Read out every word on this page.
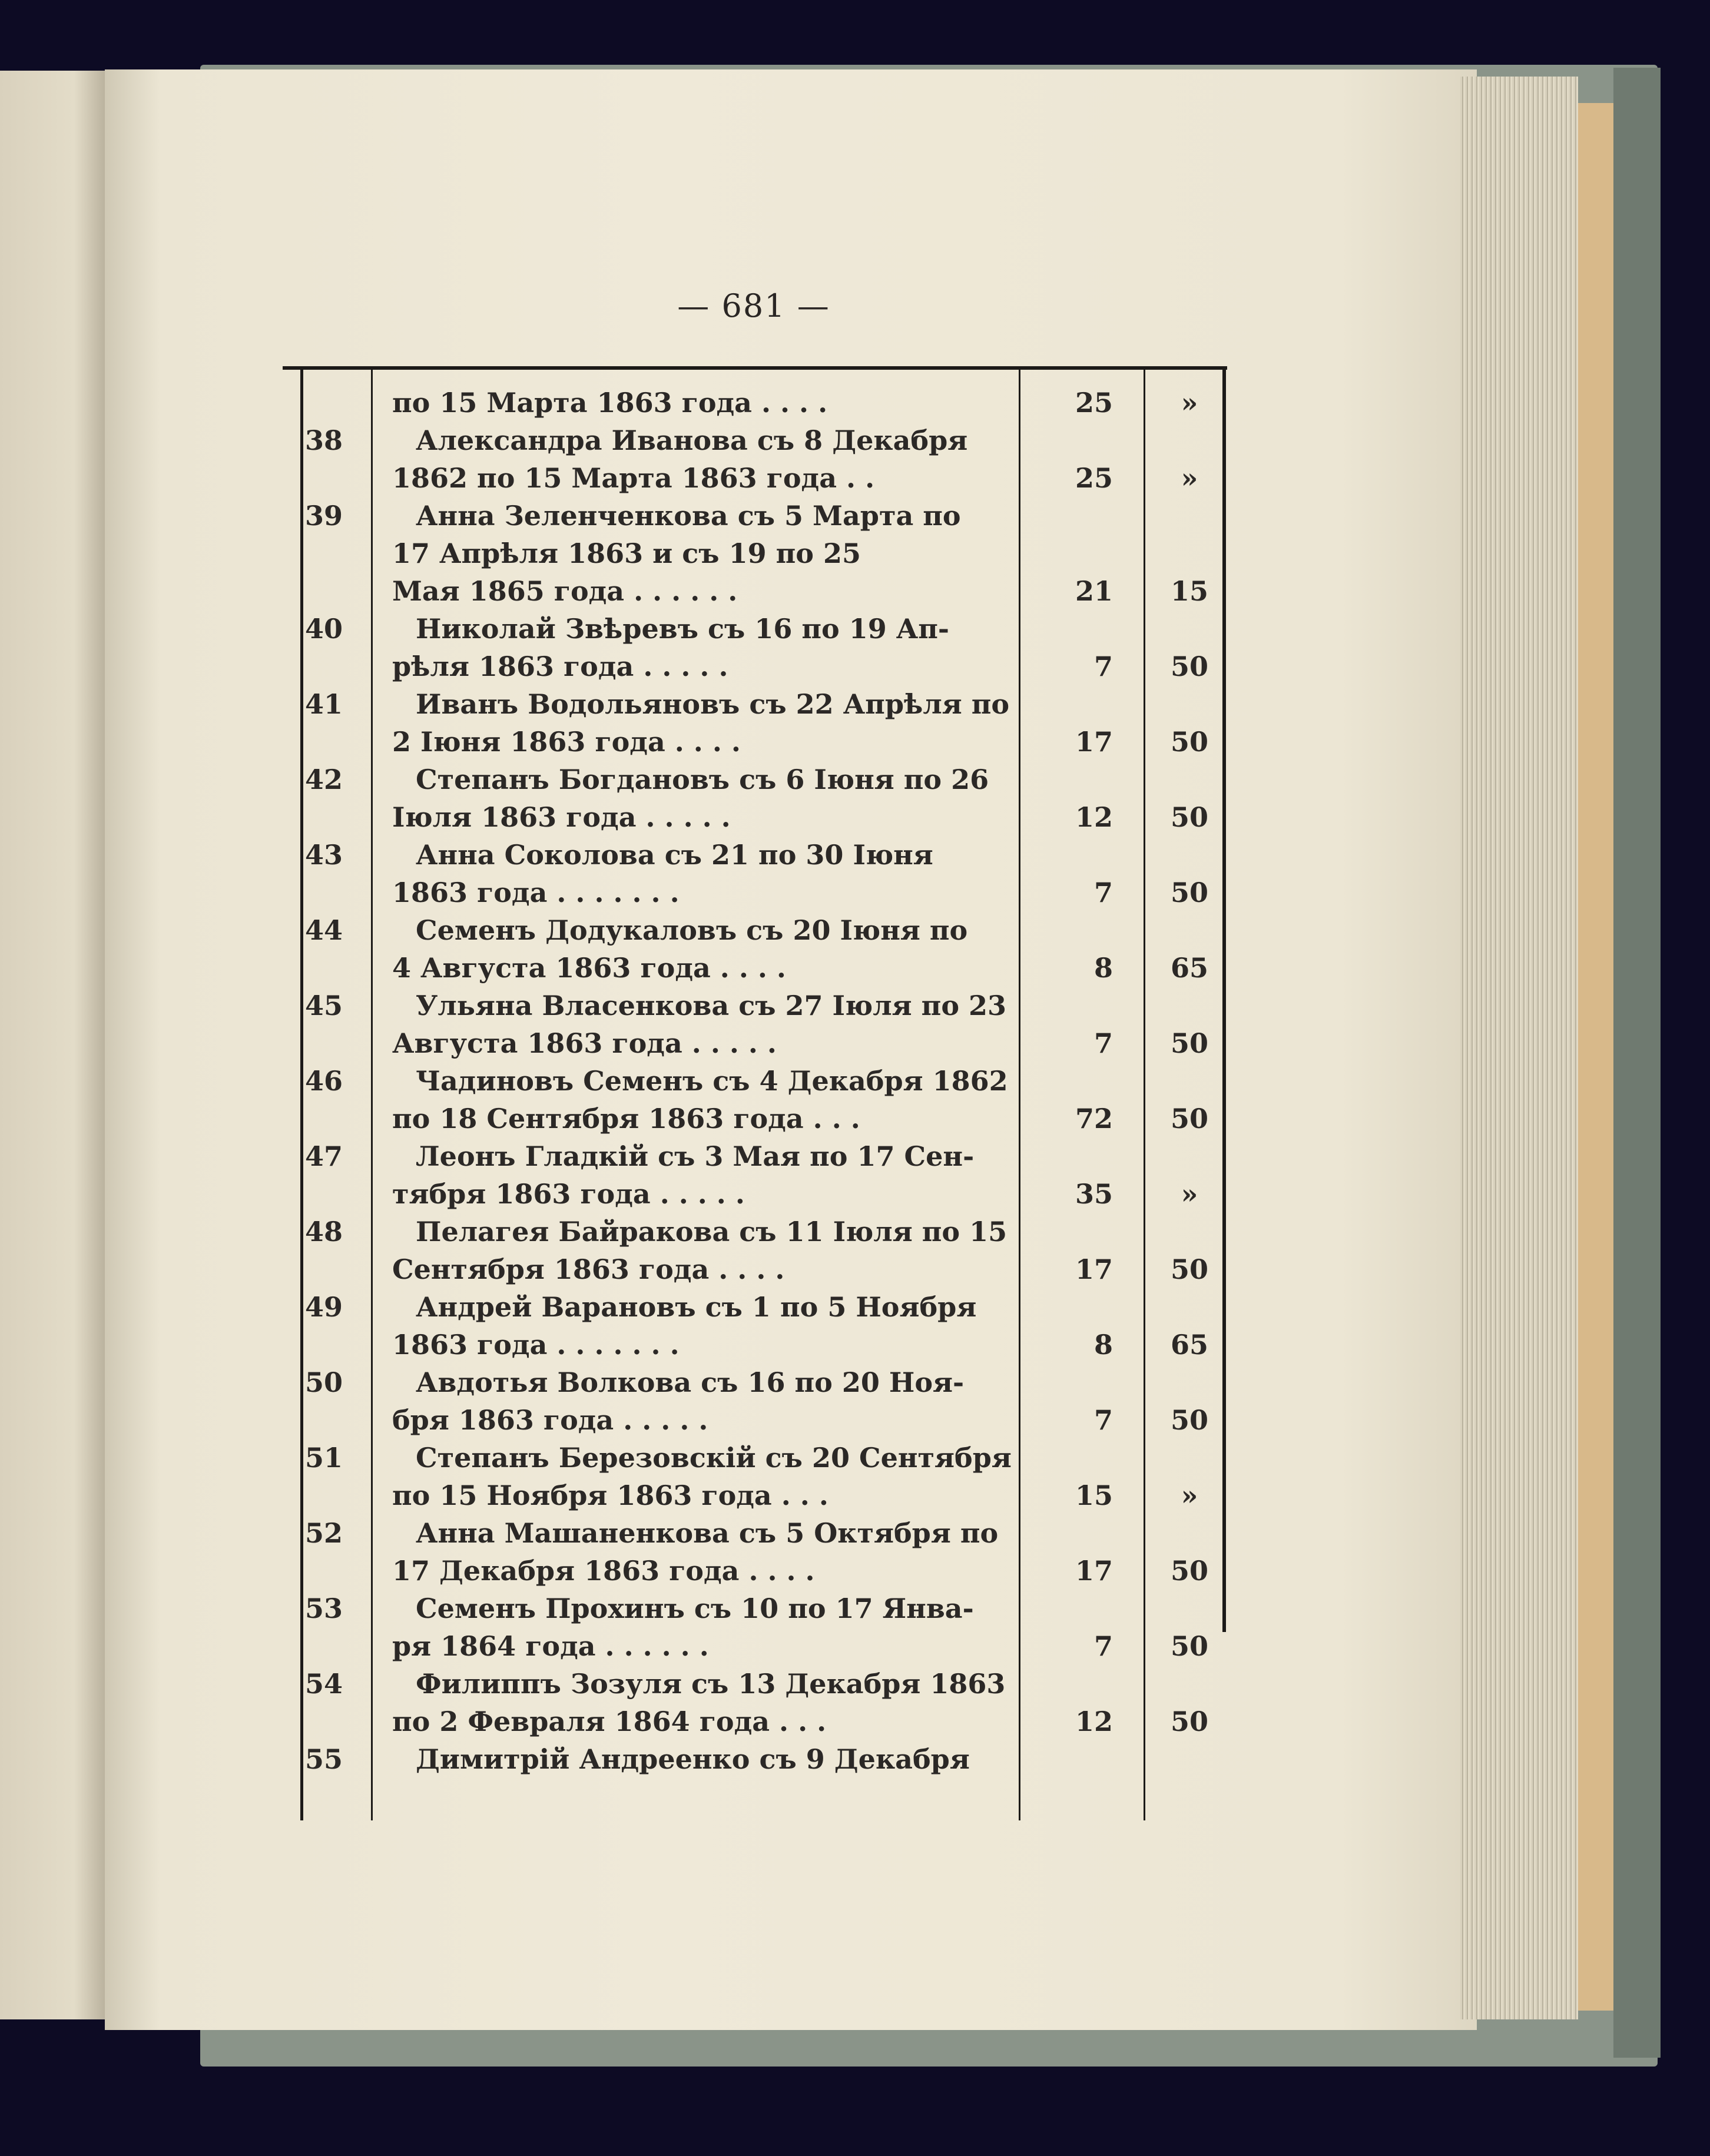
— 681 —
по 15 Марта 1863 года . . . .	25	»
38	Александра Иванова съ 8 Декабря
1862 по 15 Марта 1863 года . .	25	»
39	Анна Зеленченкова съ 5 Марта по
17 Апрѣля 1863 и съ 19 по 25
Мая 1865 года . . . . . .	21	15
40	Николай Звѣревъ съ 16 по 19 Ап-
рѣля 1863 года . . . . .	7	50
41	Иванъ Водольяновъ съ 22 Апрѣля по
2 Іюня 1863 года . . . .	17	50
42	Степанъ Богдановъ съ 6 Іюня по 26
Іюля 1863 года . . . . .	12	50
43	Анна Соколова съ 21 по 30 Іюня
1863 года . . . . . . .	7	50
44	Семенъ Додукаловъ съ 20 Іюня по
4 Августа 1863 года . . . .	8	65
45	Ульяна Власенкова съ 27 Іюля по 23
Августа 1863 года . . . . .	7	50
46	Чадиновъ Семенъ съ 4 Декабря 1862
по 18 Сентября 1863 года . . .	72	50
47	Леонъ Гладкій съ 3 Мая по 17 Сен-
тября 1863 года . . . . .	35	»
48	Пелагея Байракова съ 11 Іюля по 15
Сентября 1863 года . . . .	17	50
49	Андрей Варановъ съ 1 по 5 Ноября
1863 года . . . . . . .	8	65
50	Авдотья Волкова съ 16 по 20 Ноя-
бря 1863 года . . . . .	7	50
51	Степанъ Березовскій съ 20 Сентября
по 15 Ноября 1863 года . . .	15	»
52	Анна Машаненкова съ 5 Октября по
17 Декабря 1863 года . . . .	17	50
53	Семенъ Прохинъ съ 10 по 17 Янва-
ря 1864 года . . . . . .	7	50
54	Филиппъ Зозуля съ 13 Декабря 1863
по 2 Февраля 1864 года . . .	12	50
55	Димитрій Андреенко съ 9 Декабря
